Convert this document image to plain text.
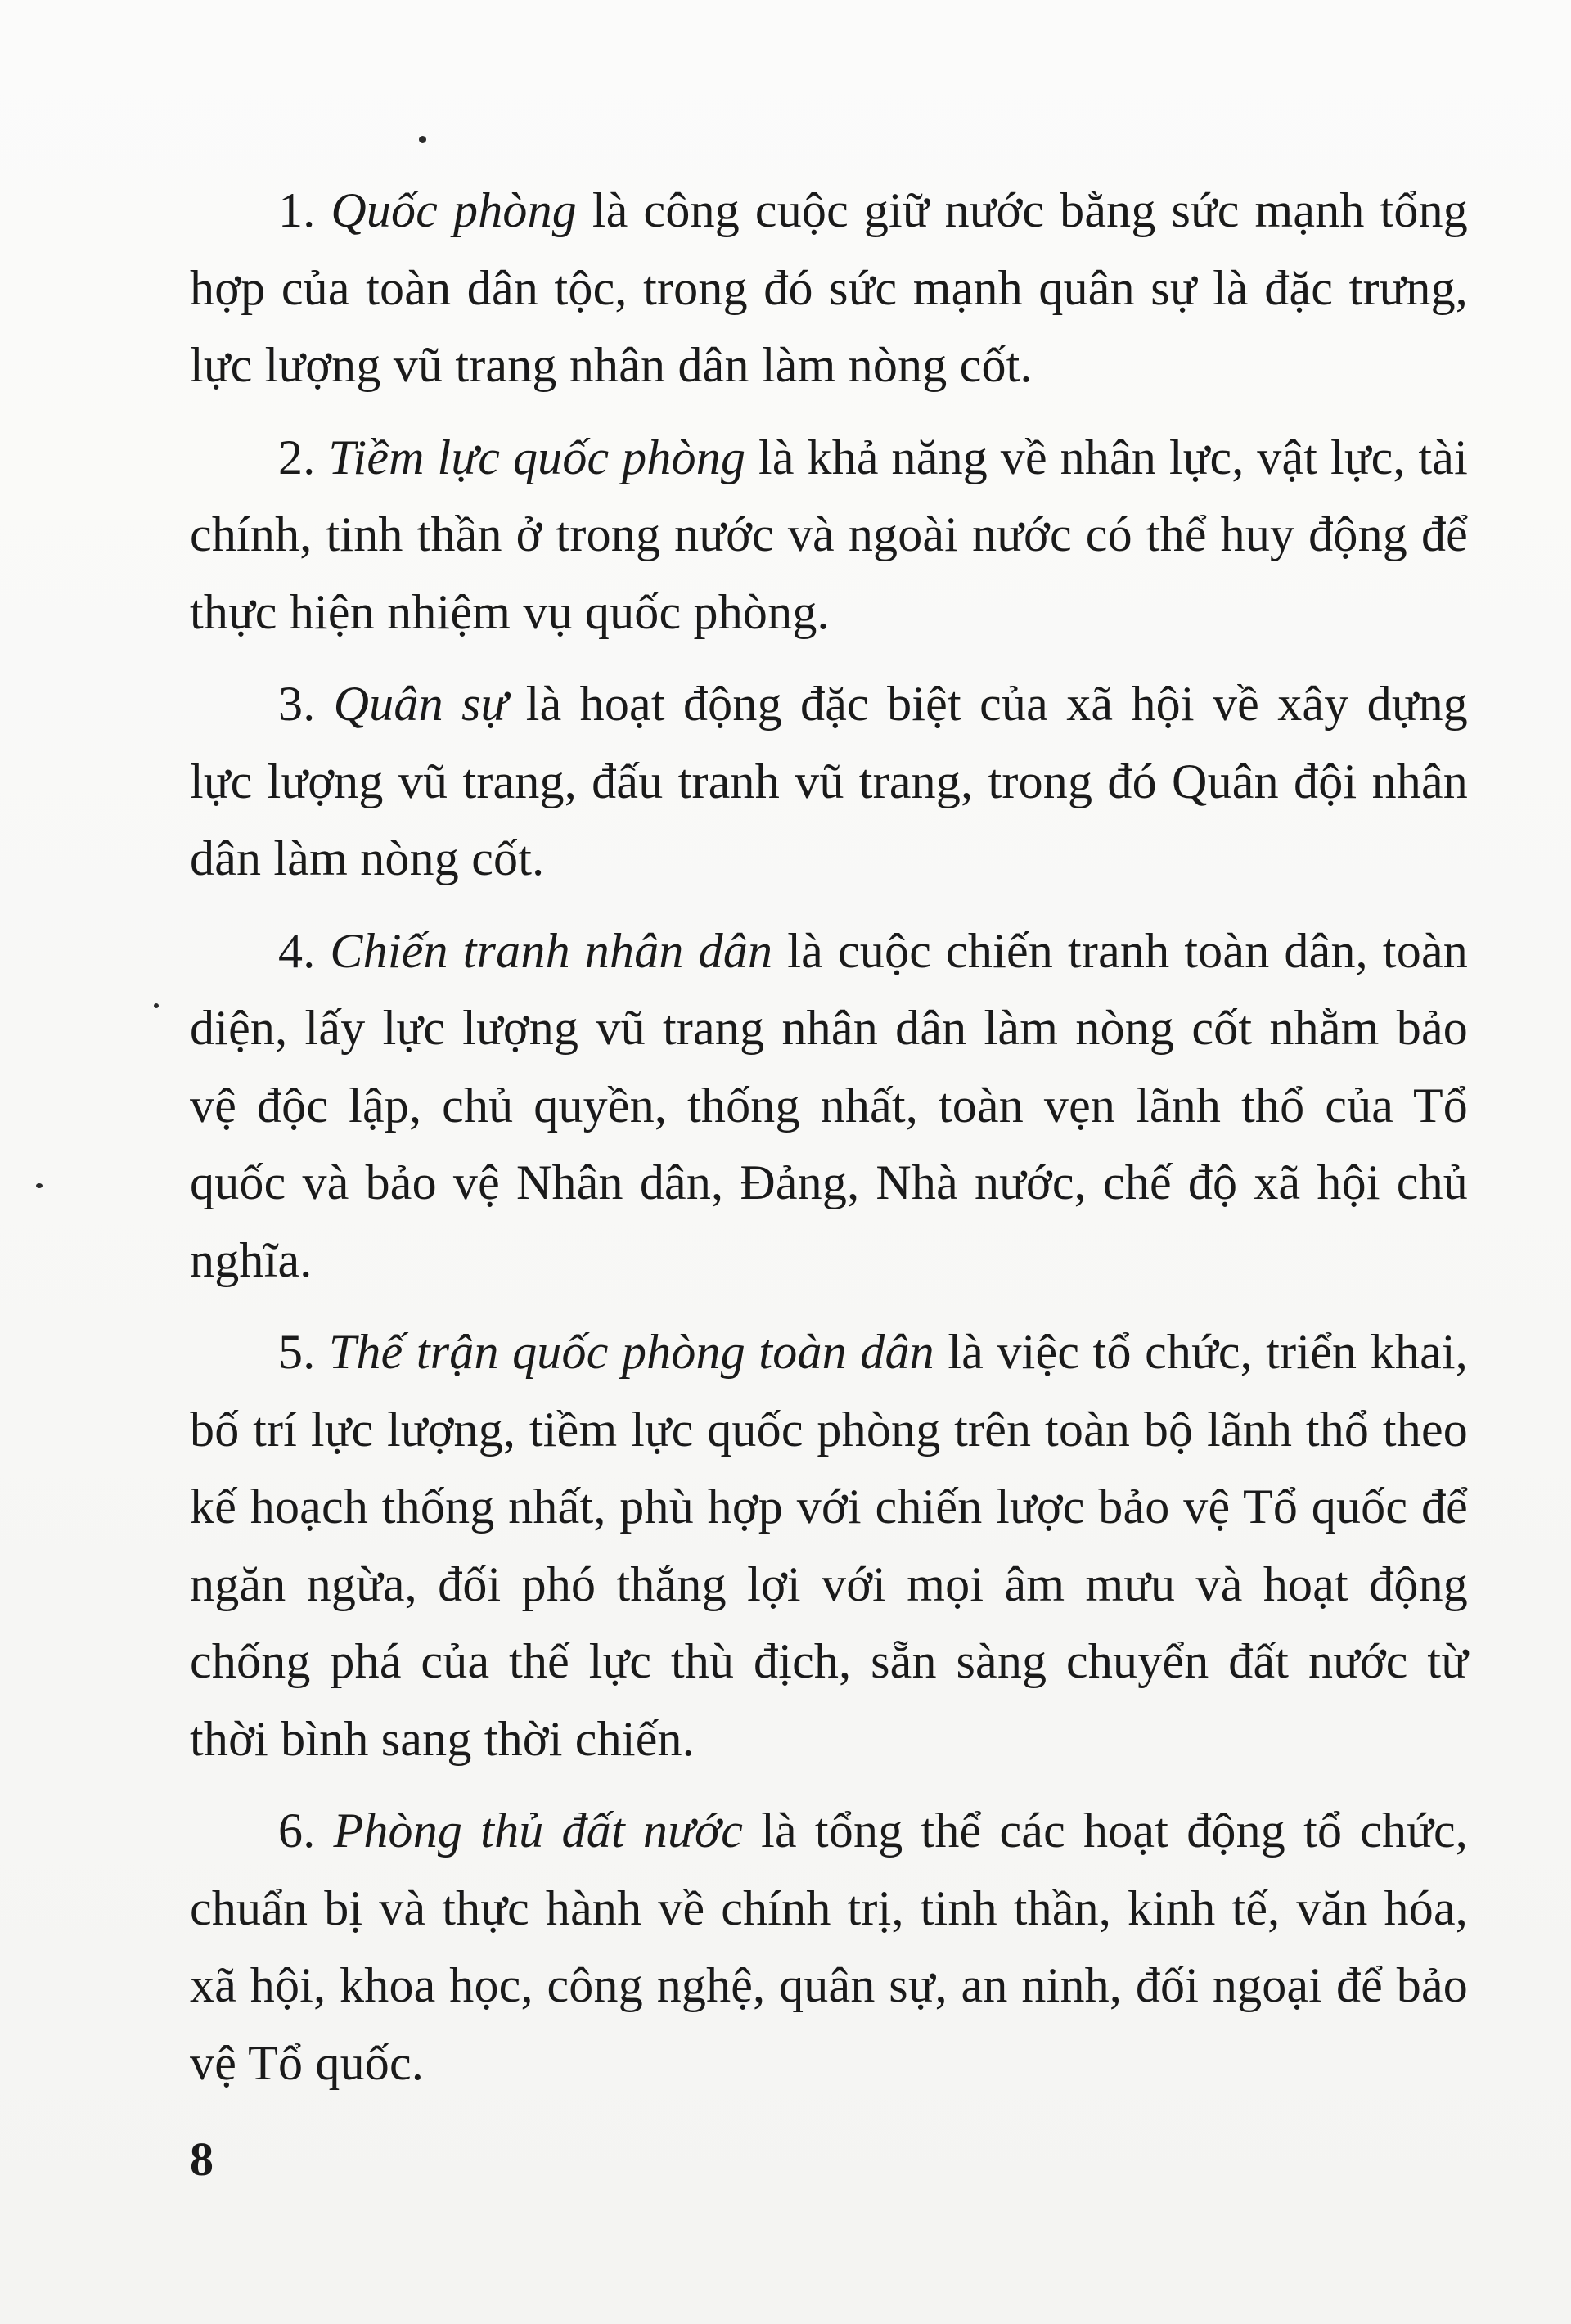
1. Quốc phòng là công cuộc giữ nước bằng sức mạnh tổng hợp của toàn dân tộc, trong đó sức mạnh quân sự là đặc trưng, lực lượng vũ trang nhân dân làm nòng cốt.

2. Tiềm lực quốc phòng là khả năng về nhân lực, vật lực, tài chính, tinh thần ở trong nước và ngoài nước có thể huy động để thực hiện nhiệm vụ quốc phòng.

3. Quân sự là hoạt động đặc biệt của xã hội về xây dựng lực lượng vũ trang, đấu tranh vũ trang, trong đó Quân đội nhân dân làm nòng cốt.

4. Chiến tranh nhân dân là cuộc chiến tranh toàn dân, toàn diện, lấy lực lượng vũ trang nhân dân làm nòng cốt nhằm bảo vệ độc lập, chủ quyền, thống nhất, toàn vẹn lãnh thổ của Tổ quốc và bảo vệ Nhân dân, Đảng, Nhà nước, chế độ xã hội chủ nghĩa.

5. Thế trận quốc phòng toàn dân là việc tổ chức, triển khai, bố trí lực lượng, tiềm lực quốc phòng trên toàn bộ lãnh thổ theo kế hoạch thống nhất, phù hợp với chiến lược bảo vệ Tổ quốc để ngăn ngừa, đối phó thắng lợi với mọi âm mưu và hoạt động chống phá của thế lực thù địch, sẵn sàng chuyển đất nước từ thời bình sang thời chiến.

6. Phòng thủ đất nước là tổng thể các hoạt động tổ chức, chuẩn bị và thực hành về chính trị, tinh thần, kinh tế, văn hóa, xã hội, khoa học, công nghệ, quân sự, an ninh, đối ngoại để bảo vệ Tổ quốc.

8
